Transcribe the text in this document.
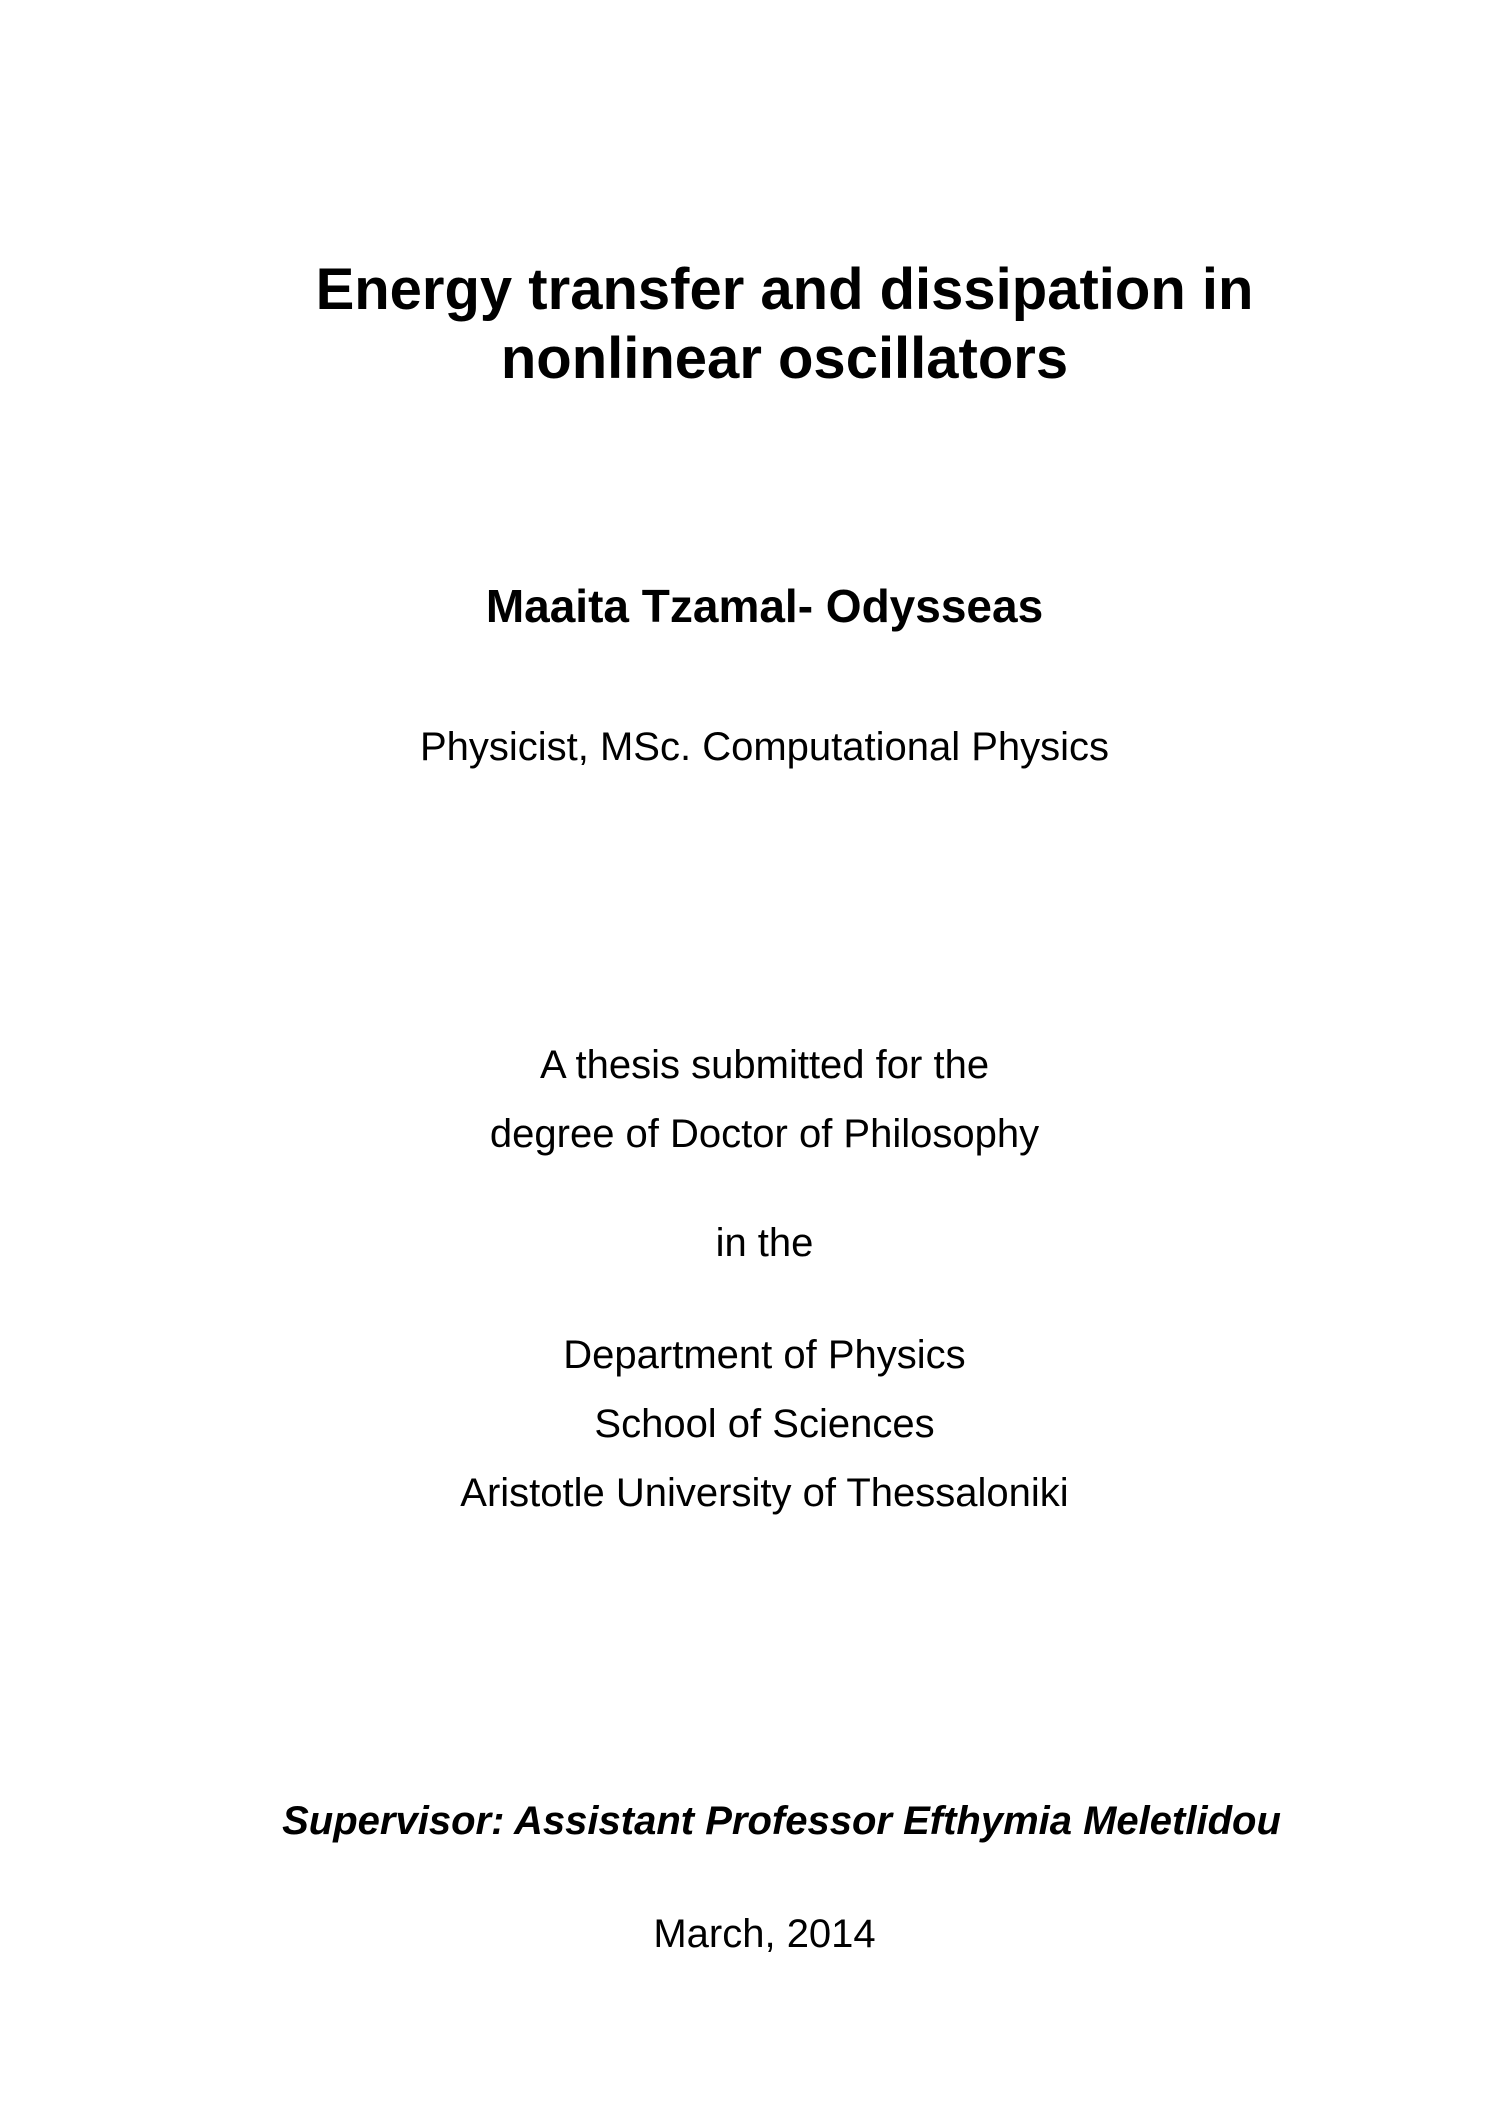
Energy transfer and dissipation in
nonlinear oscillators

Maaita Tzamal- Odysseas

Physicist, MSc. Computational Physics

A thesis submitted for the

degree of Doctor of Philosophy

in the

Department of Physics

School of Sciences

Aristotle University of Thessaloniki

Supervisor: Assistant Professor Efthymia Meletlidou

March, 2014
